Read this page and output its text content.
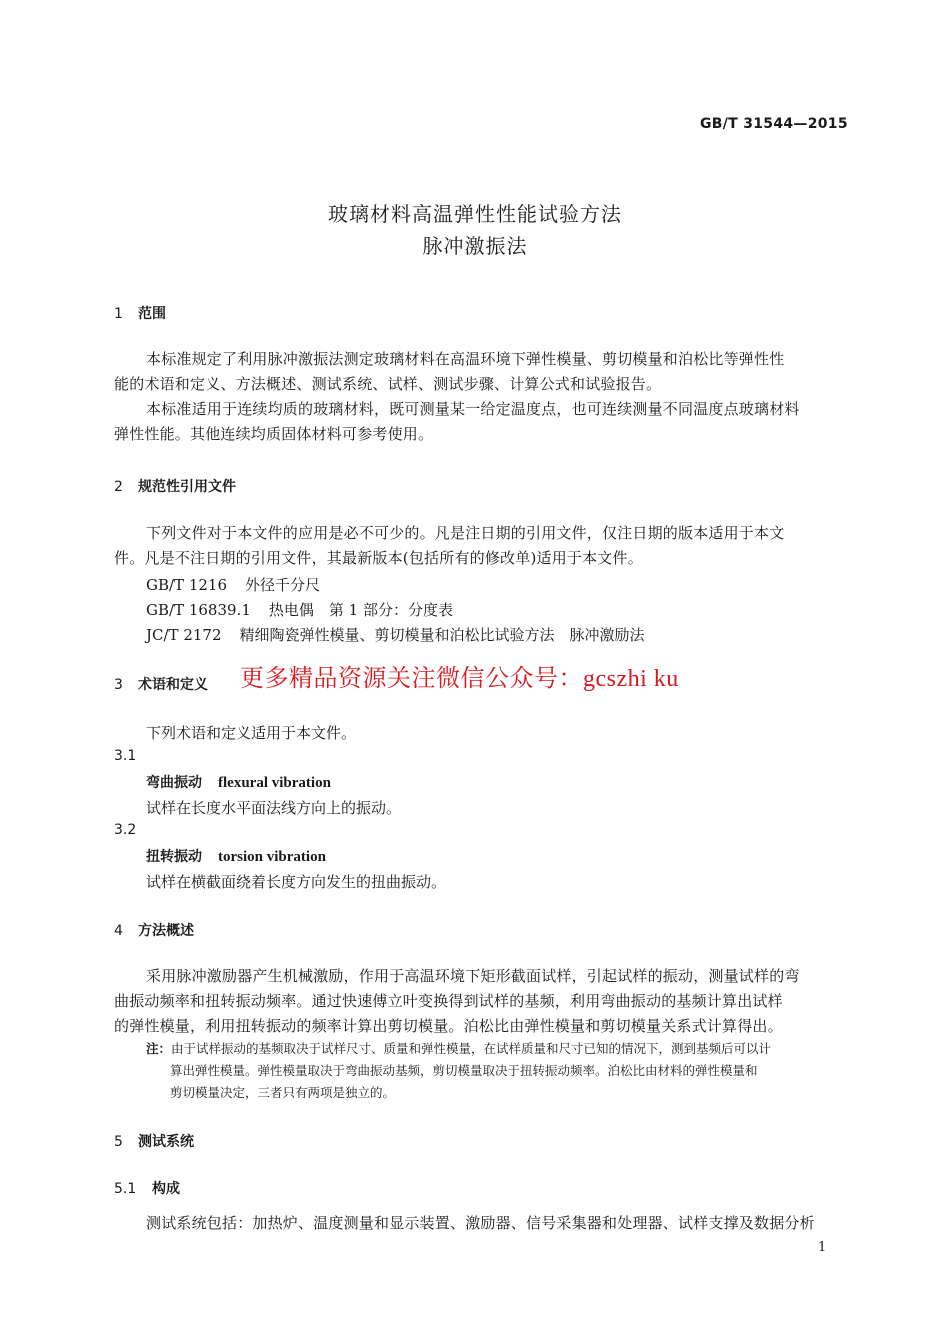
GB/T 31544—2015
玻璃材料高温弹性性能试验方法
脉冲激振法
1 范围
本标准规定了利用脉冲激振法测定玻璃材料在高温环境下弹性模量、剪切模量和泊松比等弹性性
能的术语和定义、方法概述、测试系统、试样、测试步骤、计算公式和试验报告。
本标准适用于连续均质的玻璃材料，既可测量某一给定温度点，也可连续测量不同温度点玻璃材料
弹性性能。其他连续均质固体材料可参考使用。
2 规范性引用文件
下列文件对于本文件的应用是必不可少的。凡是注日期的引用文件，仅注日期的版本适用于本文
件。凡是不注日期的引用文件，其最新版本(包括所有的修改单)适用于本文件。
GB/T 1216 外径千分尺
GB/T 16839.1 热电偶　第 1 部分：分度表
JC/T 2172 精细陶瓷弹性模量、剪切模量和泊松比试验方法　脉冲激励法
3 术语和定义 更多精品资源关注微信公众号：gcszhi ku
下列术语和定义适用于本文件。
3.1
弯曲振动 flexural vibration
试样在长度水平面法线方向上的振动。
3.2
扭转振动 torsion vibration
试样在横截面绕着长度方向发生的扭曲振动。
4 方法概述
采用脉冲激励器产生机械激励，作用于高温环境下矩形截面试样，引起试样的振动，测量试样的弯
曲振动频率和扭转振动频率。通过快速傅立叶变换得到试样的基频，利用弯曲振动的基频计算出试样
的弹性模量，利用扭转振动的频率计算出剪切模量。泊松比由弹性模量和剪切模量关系式计算得出。
注：由于试样振动的基频取决于试样尺寸、质量和弹性模量，在试样质量和尺寸已知的情况下，测到基频后可以计
算出弹性模量。弹性模量取决于弯曲振动基频，剪切模量取决于扭转振动频率。泊松比由材料的弹性模量和
剪切模量决定，三者只有两项是独立的。
5 测试系统
5.1 构成
测试系统包括：加热炉、温度测量和显示装置、激励器、信号采集器和处理器、试样支撑及数据分析
1
